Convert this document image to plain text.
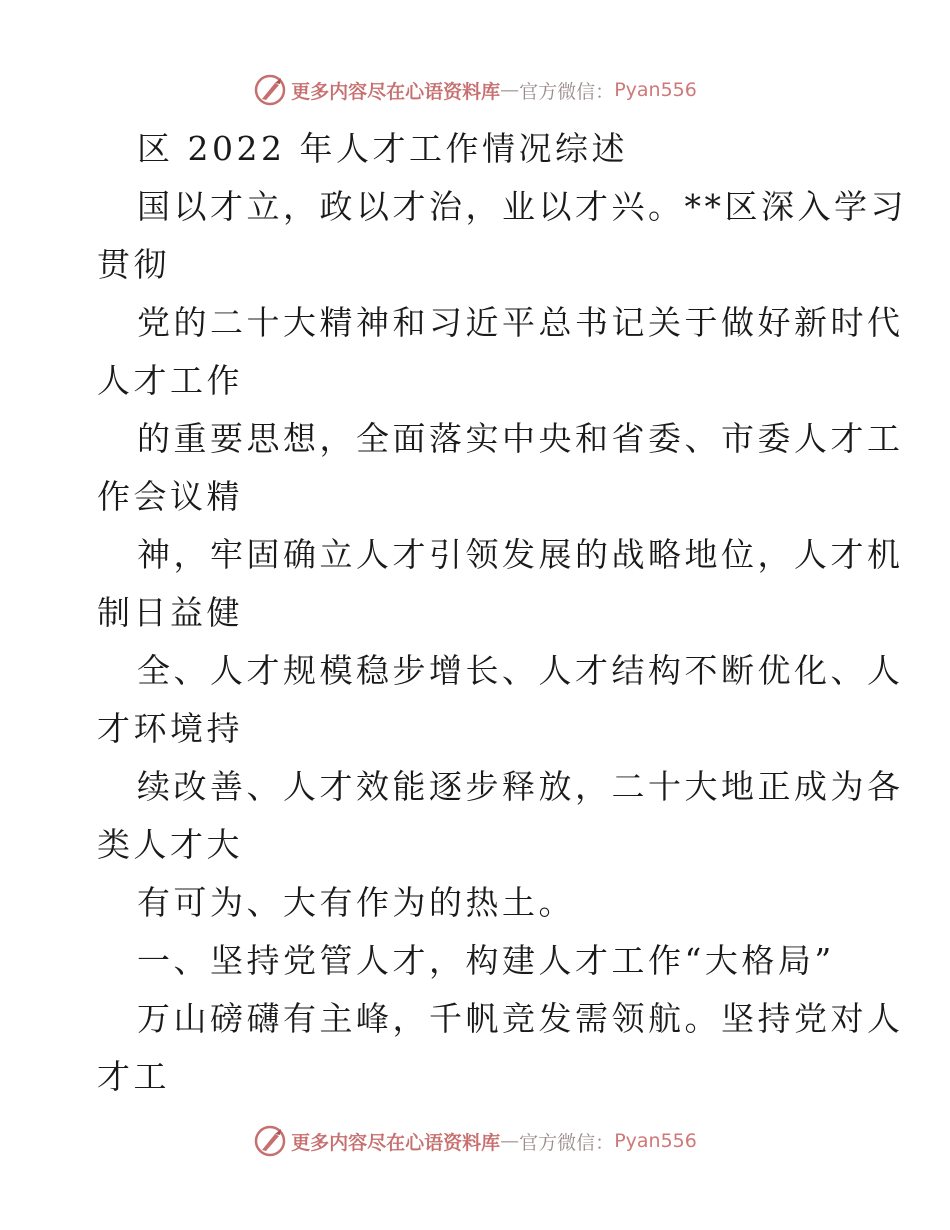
更多内容尽在心语资料库 — 官方微信： Pyan556
区 2022 年人才工作情况综述
国以才立，政以才治，业以才兴。**区深入学习
贯彻
党的二十大精神和习近平总书记关于做好新时代
人才工作
的重要思想，全面落实中央和省委、市委人才工
作会议精
神，牢固确立人才引领发展的战略地位，人才机
制日益健
全、人才规模稳步增长、人才结构不断优化、人
才环境持
续改善、人才效能逐步释放，二十大地正成为各
类人才大
有可为、大有作为的热土。
一、坚持党管人才，构建人才工作“大格局”
万山磅礴有主峰，千帆竞发需领航。坚持党对人
才工
更多内容尽在心语资料库 — 官方微信： Pyan556
